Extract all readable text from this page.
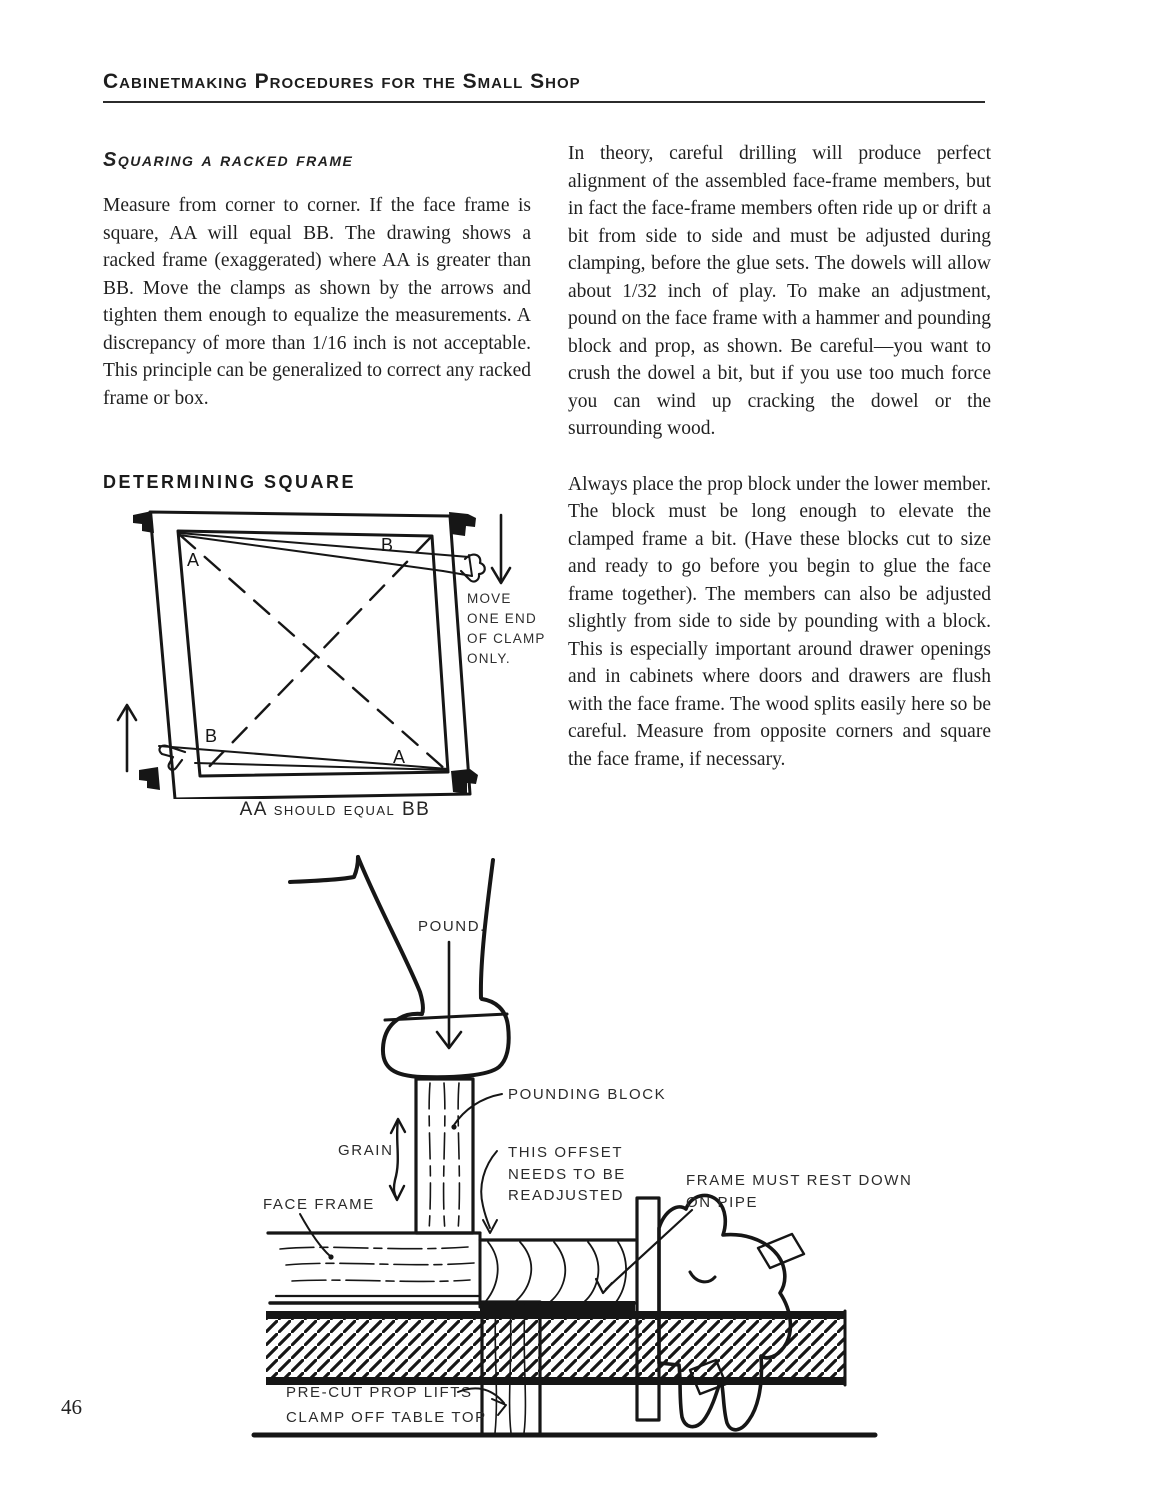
Cabinetmaking Procedures for the Small Shop
Squaring a racked frame

Measure from corner to corner. If the face frame is square, AA will equal BB. The drawing shows a racked frame (exaggerated) where AA is greater than BB. Move the clamps as shown by the arrows and tighten them enough to equalize the measurements. A discrepancy of more than 1/16 inch is not acceptable. This principle can be generalized to correct any racked frame or box.

DETERMINING SQUARE
A
B
B
A
MOVE
ONE END
OF CLAMP
ONLY.
AA should equal BB

In theory, careful drilling will produce perfect alignment of the assembled face-frame members, but in fact the face-frame members often ride up or drift a bit from side to side and must be adjusted during clamping, before the glue sets. The dowels will allow about 1/32 inch of play. To make an adjustment, pound on the face frame with a hammer and pounding block and prop, as shown. Be careful—you want to crush the dowel a bit, but if you use too much force you can wind up cracking the dowel or the surrounding wood.

Always place the prop block under the lower member. The block must be long enough to elevate the clamped frame a bit. (Have these blocks cut to size and ready to go before you begin to glue the face frame together). The members can also be adjusted slightly from side to side by pounding with a block. This is especially important around drawer openings and in cabinets where doors and drawers are flush with the face frame. The wood splits easily here so be careful. Measure from opposite corners and square the face frame, if necessary.

POUND.
POUNDING BLOCK
GRAIN	THIS OFFSET
NEEDS TO BE
READJUSTED
FACE FRAME
FRAME MUST REST DOWN
ON PIPE
PRE-CUT PROP LIFTS
CLAMP OFF TABLE TOP
46
